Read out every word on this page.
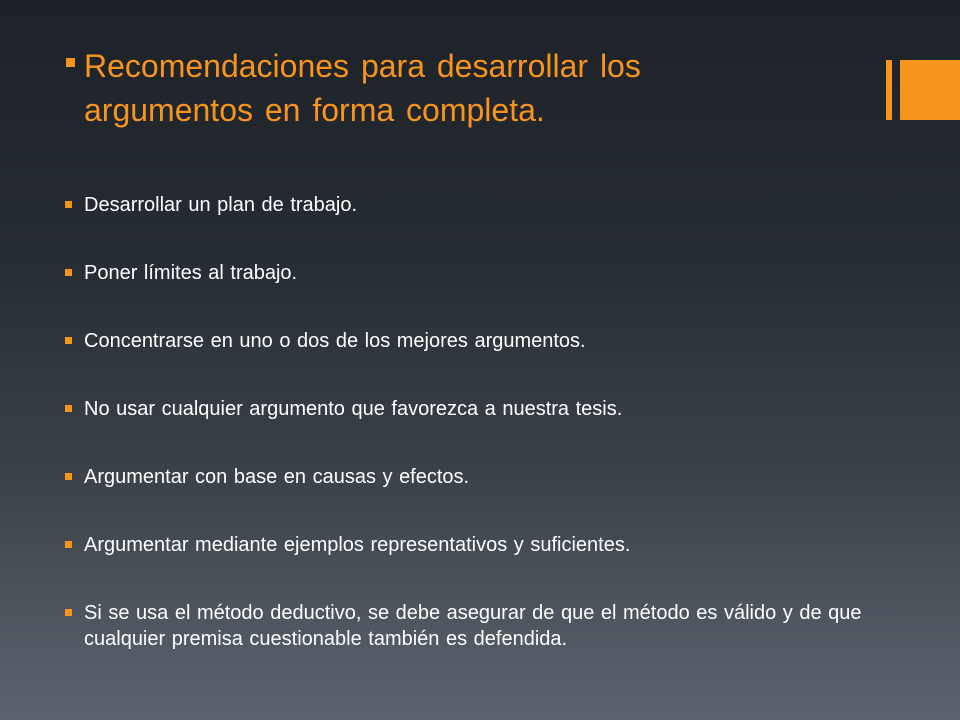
Recomendaciones para desarrollar los argumentos en forma completa.
Desarrollar un plan de trabajo.
Poner límites al trabajo.
Concentrarse en uno o dos de los mejores argumentos.
No usar cualquier argumento que favorezca a nuestra tesis.
Argumentar con base en causas y efectos.
Argumentar mediante ejemplos representativos y suficientes.
Si se usa el método deductivo, se debe asegurar de que el método es válido y de que cualquier premisa cuestionable también es defendida.
